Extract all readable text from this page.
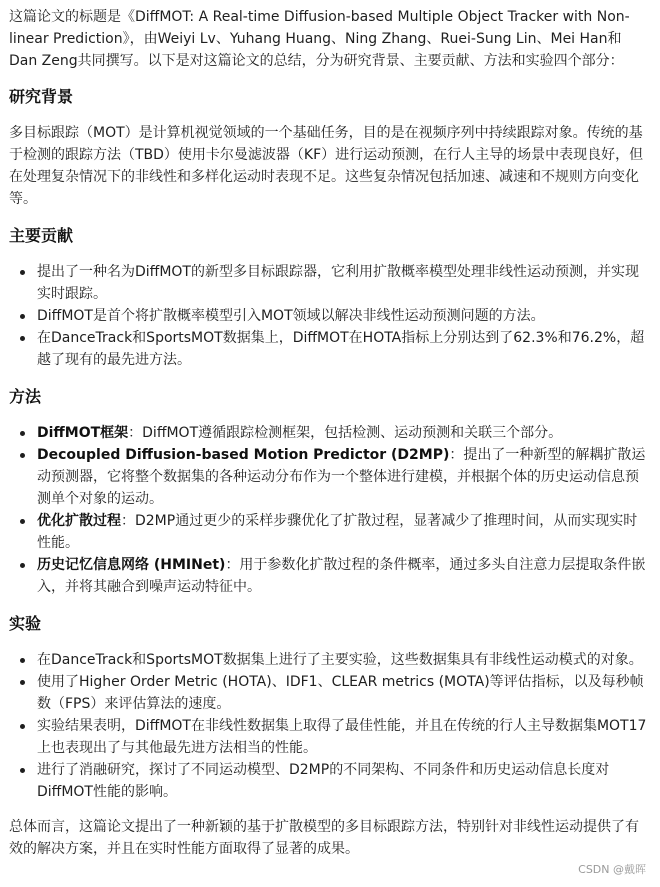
这篇论文的标题是《DiffMOT: A Real-time Diffusion-based Multiple Object Tracker with Non-linear Prediction》，由Weiyi Lv、Yuhang Huang、Ning Zhang、Ruei-Sung Lin、Mei Han和Dan Zeng共同撰写。以下是对这篇论文的总结，分为研究背景、主要贡献、方法和实验四个部分：

研究背景

多目标跟踪（MOT）是计算机视觉领域的一个基础任务，目的是在视频序列中持续跟踪对象。传统的基于检测的跟踪方法（TBD）使用卡尔曼滤波器（KF）进行运动预测，在行人主导的场景中表现良好，但在处理复杂情况下的非线性和多样化运动时表现不足。这些复杂情况包括加速、减速和不规则方向变化等。

主要贡献
提出了一种名为DiffMOT的新型多目标跟踪器，它利用扩散概率模型处理非线性运动预测，并实现实时跟踪。
DiffMOT是首个将扩散概率模型引入MOT领域以解决非线性运动预测问题的方法。
在DanceTrack和SportsMOT数据集上，DiffMOT在HOTA指标上分别达到了62.3%和76.2%，超越了现有的最先进方法。
方法
DiffMOT框架：DiffMOT遵循跟踪检测框架，包括检测、运动预测和关联三个部分。
Decoupled Diffusion-based Motion Predictor (D2MP)：提出了一种新型的解耦扩散运动预测器，它将整个数据集的各种运动分布作为一个整体进行建模，并根据个体的历史运动信息预测单个对象的运动。
优化扩散过程：D2MP通过更少的采样步骤优化了扩散过程，显著减少了推理时间，从而实现实时性能。
历史记忆信息网络 (HMINet)：用于参数化扩散过程的条件概率，通过多头自注意力层提取条件嵌入，并将其融合到噪声运动特征中。
实验
在DanceTrack和SportsMOT数据集上进行了主要实验，这些数据集具有非线性运动模式的对象。
使用了Higher Order Metric (HOTA)、IDF1、CLEAR metrics (MOTA)等评估指标，以及每秒帧数（FPS）来评估算法的速度。
实验结果表明，DiffMOT在非线性数据集上取得了最佳性能，并且在传统的行人主导数据集MOT17上也表现出了与其他最先进方法相当的性能。
进行了消融研究，探讨了不同运动模型、D2MP的不同架构、不同条件和历史运动信息长度对DiffMOT性能的影响。

总体而言，这篇论文提出了一种新颖的基于扩散模型的多目标跟踪方法，特别针对非线性运动提供了有效的解决方案，并且在实时性能方面取得了显著的成果。

CSDN @戴晖
